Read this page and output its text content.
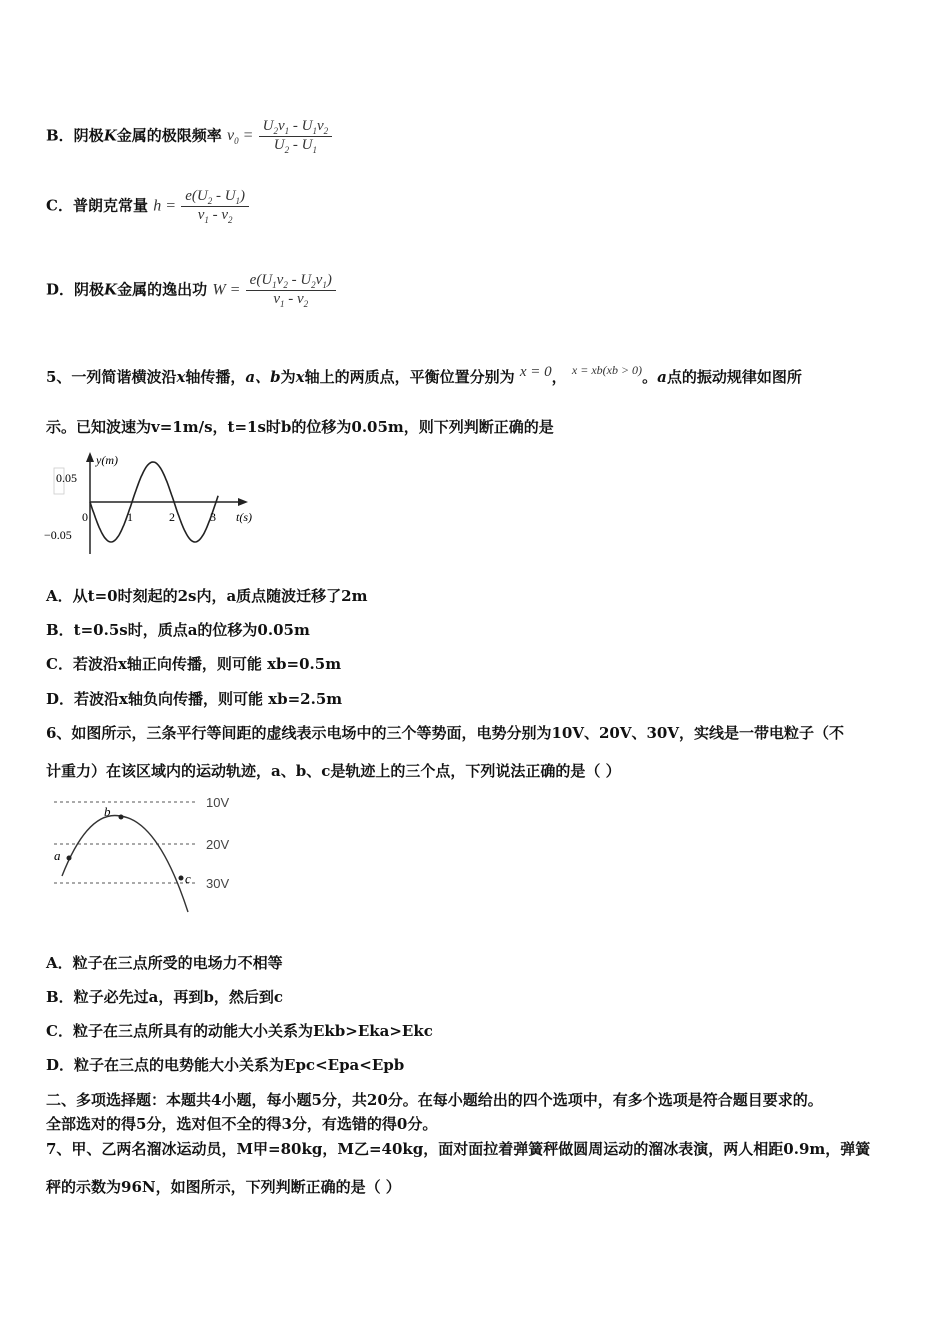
B．阴极K金属的极限频率 $\nu_0 = \frac{U_2\nu_1 - U_1\nu_2}{U_2 - U_1}$
C．普朗克常量 $h = \frac{e(U_2 - U_1)}{\nu_1 - \nu_2}$
D．阴极K金属的逸出功 $W = \frac{e(U_1\nu_2 - U_2\nu_1)}{\nu_1 - \nu_2}$
5、一列简谐横波沿x轴传播，a、b为x轴上的两质点，平衡位置分别为 x = 0， $^{x = xb(xb > 0)}$。a点的振动规律如图所
示。已知波速为v=1m/s，t=1s时b的位移为0.05m，则下列判断正确的是
0.05
−0.05
y(m)
t(s)
0	1	2	3
A．从t=0时刻起的2s内，a质点随波迁移了2m
B．t=0.5s时，质点a的位移为0.05m
C．若波沿x轴正向传播，则可能 xb=0.5m
D．若波沿x轴负向传播，则可能 xb=2.5m
6、如图所示，三条平行等间距的虚线表示电场中的三个等势面，电势分别为10V、20V、30V，实线是一带电粒子（不
计重力）在该区域内的运动轨迹，a、b、c是轨迹上的三个点，下列说法正确的是（ ）
10V
20V
30V
a
b
c
A．粒子在三点所受的电场力不相等
B．粒子必先过a，再到b，然后到c
C．粒子在三点所具有的动能大小关系为Ekb>Eka>Ekc
D．粒子在三点的电势能大小关系为Epc<Epa<Epb
二、多项选择题：本题共4小题，每小题5分，共20分。在每小题给出的四个选项中，有多个选项是符合题目要求的。
全部选对的得5分，选对但不全的得3分，有选错的得0分。
7、甲、乙两名溜冰运动员，M甲=80kg，M乙=40kg，面对面拉着弹簧秤做圆周运动的溜冰表演，两人相距0.9m，弹簧
秤的示数为96N，如图所示，下列判断正确的是（ ）
